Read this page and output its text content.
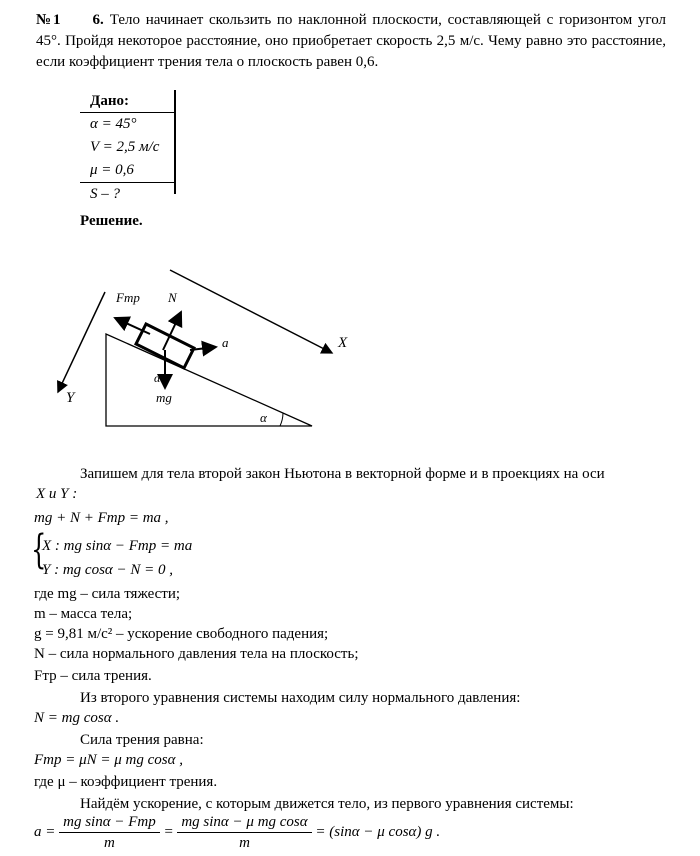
№1 6. Тело начинает скользить по наклонной плоскости, составляющей с горизонтом угол 45°. Пройдя некоторое расстояние, оно приобретает скорость 2,5 м/с. Чему равно это расстояние, если коэффициент трения тела о плоскость равен 0,6.
Дано:
α = 45°
V = 2,5 м/с
μ = 0,6
S – ?
Решение.
α
X
Y
Fтр N
a
mg
α
Запишем для тела второй закон Ньютона в векторной форме и в проекциях на оси
X и Y :
mg + N + Fтр = ma ,
{
X : mg sinα − Fтр = ma
Y : mg cosα − N = 0 ,
где mg – сила тяжести;
m – масса тела;
g = 9,81 м/с² – ускорение свободного падения;
N – сила нормального давления тела на плоскость;
Fтр – сила трения.
Из второго уравнения системы находим силу нормального давления:
N = mg cosα .
Сила трения равна:
Fтр = μN = μ mg cosα ,
где μ – коэффициент трения.
Найдём ускорение, с которым движется тело, из первого уравнения системы:
$a = \frac{\text{mg sinα − Fтр}}{m} = \frac{\text{mg sinα − μ mg cosα}}{m} = (\sin\alpha - \mu$ cosα) g .
